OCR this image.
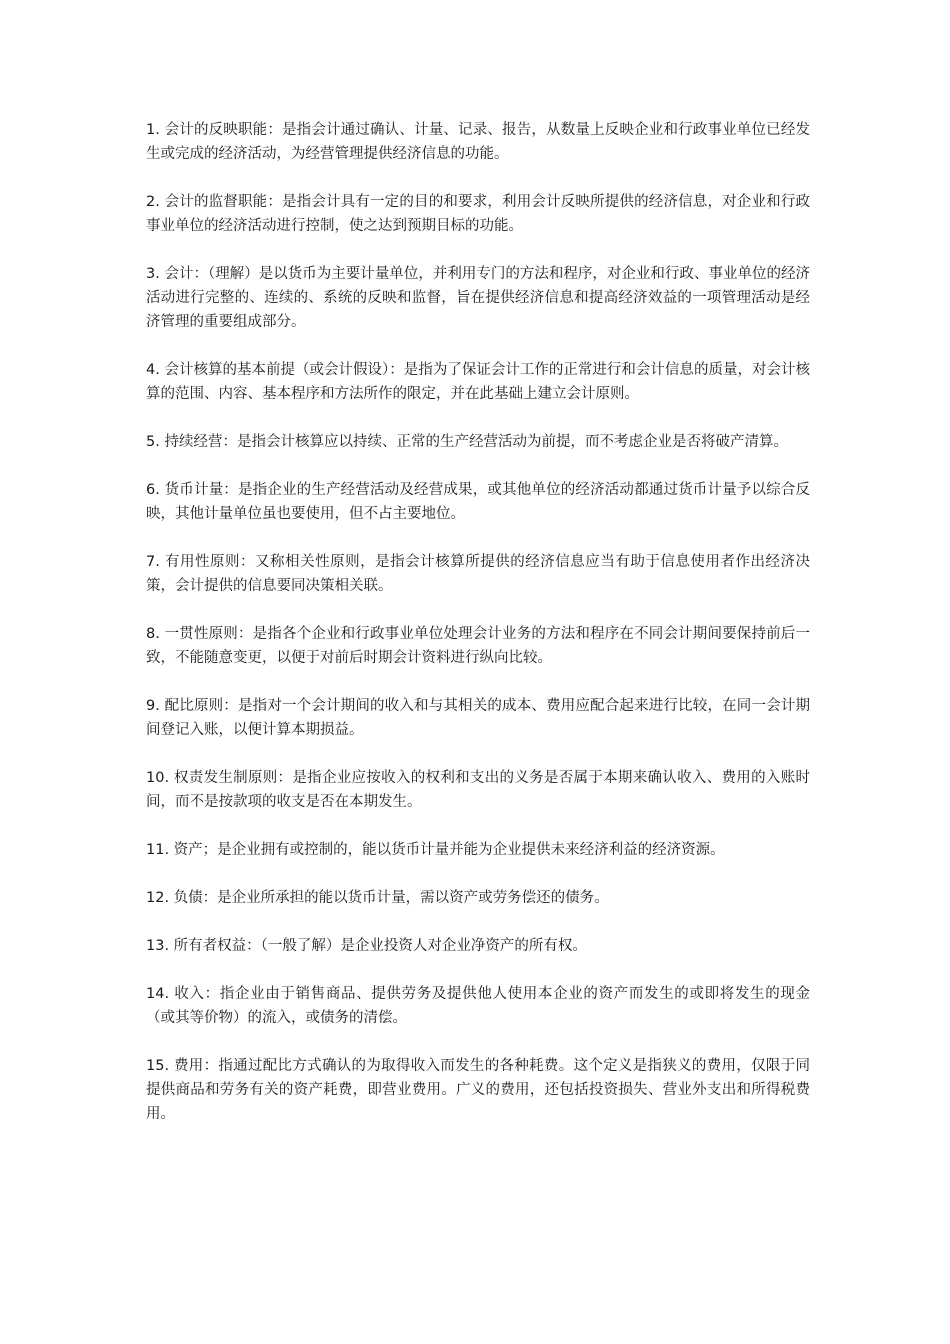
1. 会计的反映职能：是指会计通过确认、计量、记录、报告，从数量上反映企业和行政事业单位已经发生或完成的经济活动，为经营管理提供经济信息的功能。

2. 会计的监督职能：是指会计具有一定的目的和要求，利用会计反映所提供的经济信息，对企业和行政事业单位的经济活动进行控制，使之达到预期目标的功能。

3. 会计：（理解）是以货币为主要计量单位，并利用专门的方法和程序，对企业和行政、事业单位的经济活动进行完整的、连续的、系统的反映和监督，旨在提供经济信息和提高经济效益的一项管理活动是经济管理的重要组成部分。

4. 会计核算的基本前提（或会计假设）：是指为了保证会计工作的正常进行和会计信息的质量，对会计核算的范围、内容、基本程序和方法所作的限定，并在此基础上建立会计原则。

5. 持续经营：是指会计核算应以持续、正常的生产经营活动为前提，而不考虑企业是否将破产清算。

6. 货币计量：是指企业的生产经营活动及经营成果，或其他单位的经济活动都通过货币计量予以综合反映，其他计量单位虽也要使用，但不占主要地位。

7. 有用性原则：又称相关性原则，是指会计核算所提供的经济信息应当有助于信息使用者作出经济决策，会计提供的信息要同决策相关联。

8. 一贯性原则：是指各个企业和行政事业单位处理会计业务的方法和程序在不同会计期间要保持前后一致，不能随意变更，以便于对前后时期会计资料进行纵向比较。

9. 配比原则：是指对一个会计期间的收入和与其相关的成本、费用应配合起来进行比较，在同一会计期间登记入账，以便计算本期损益。

10. 权责发生制原则：是指企业应按收入的权利和支出的义务是否属于本期来确认收入、费用的入账时间，而不是按款项的收支是否在本期发生。

11. 资产；是企业拥有或控制的，能以货币计量并能为企业提供未来经济利益的经济资源。

12. 负债：是企业所承担的能以货币计量，需以资产或劳务偿还的债务。

13. 所有者权益：（一般了解）是企业投资人对企业净资产的所有权。

14. 收入：指企业由于销售商品、提供劳务及提供他人使用本企业的资产而发生的或即将发生的现金（或其等价物）的流入，或债务的清偿。

15. 费用：指通过配比方式确认的为取得收入而发生的各种耗费。这个定义是指狭义的费用，仅限于同提供商品和劳务有关的资产耗费，即营业费用。广义的费用，还包括投资损失、营业外支出和所得税费用。
